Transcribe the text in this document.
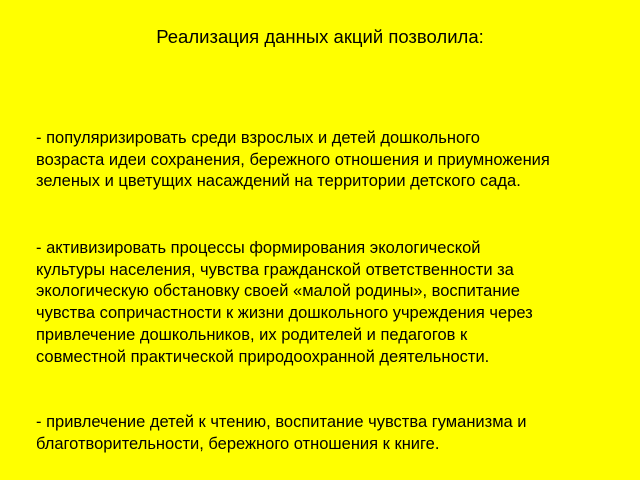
Реализация данных акций позволила:

- популяризировать среди взрослых и детей дошкольного
возраста идеи сохранения, бережного отношения и приумножения
зеленых и цветущих насаждений на территории детского сада.

- активизировать процессы формирования экологической
культуры населения, чувства гражданской ответственности за
экологическую обстановку своей «малой родины», воспитание
чувства сопричастности к жизни дошкольного учреждения через
привлечение дошкольников, их родителей и педагогов к
совместной практической природоохранной деятельности.

- привлечение детей к чтению, воспитание чувства гуманизма и
благотворительности, бережного отношения к книге.
